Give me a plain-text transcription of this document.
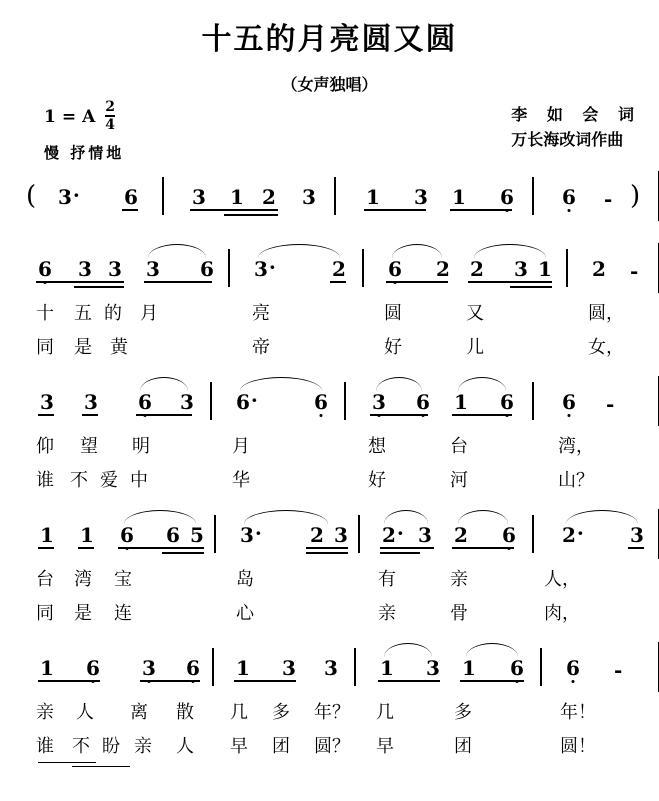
十五的月亮圆又圆
（女声独唱）
1 = A $\frac{2}{4}$
慢 抒情地
李 如 会 词
万长海改词作曲
( 3· 6	3 1 2 3	1 3 1 6 6 - )
6 3 3 3 6 3·	2 6 2 2 3 1 2 -
十 五 的 月	亮	圆	又	圆，
同 是 黄	帝	好	儿	女，
3 3 6 3 6·	6 3 6 1 6 6 -
仰 望 明	月	想	台	湾，
谁 不 爱 中	华	好	河	山？
1 1 6 6 5 3· 2 3 2· 3 2 6 2· 3
台 湾 宝	岛	有	亲	人，
同 是 连	心	亲	骨	肉，
1 6 3 6 1 3 3 1 3 1 6 6 -
亲 人 离 散 几 多 年？ 几	多	年！
谁 不 盼 亲 人 早 团 圆？ 早	团	圆！
